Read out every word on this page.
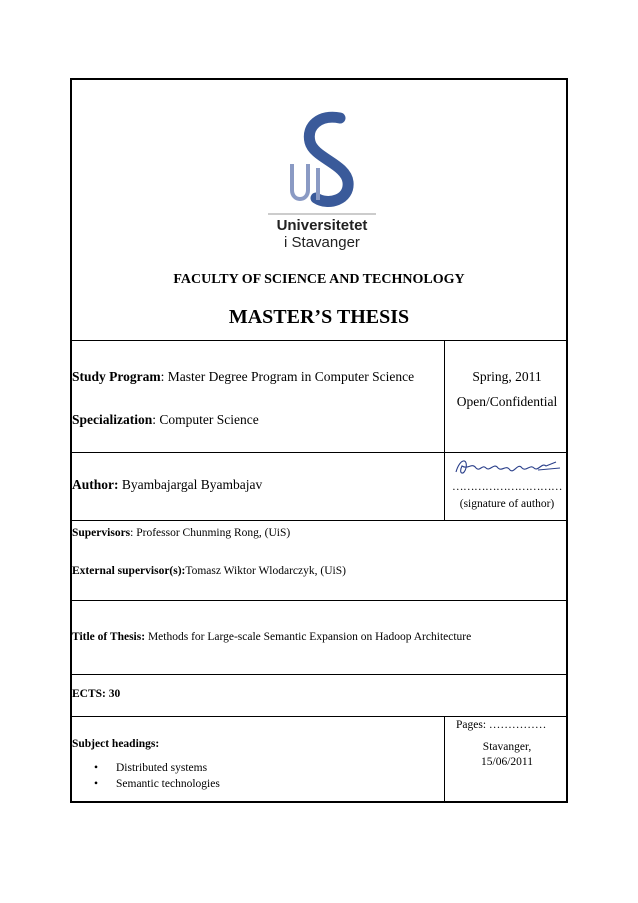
Universitetet
i Stavanger
FACULTY OF SCIENCE AND TECHNOLOGY
MASTER’S THESIS
Study Program: Master Degree Program in Computer Science
Specialization: Computer Science
Spring, 2011
Open/Confidential
Author: Byambajargal Byambajav	…………………………
(signature of author)
Supervisors: Professor Chunming Rong, (UiS)
External supervisor(s):Tomasz Wiktor Wlodarczyk, (UiS)
Title of Thesis: Methods for Large-scale Semantic Expansion on Hadoop Architecture
ECTS: 30
Subject headings:
• Distributed systems
• Semantic technologies
Pages: ……………
Stavanger,
15/06/2011
